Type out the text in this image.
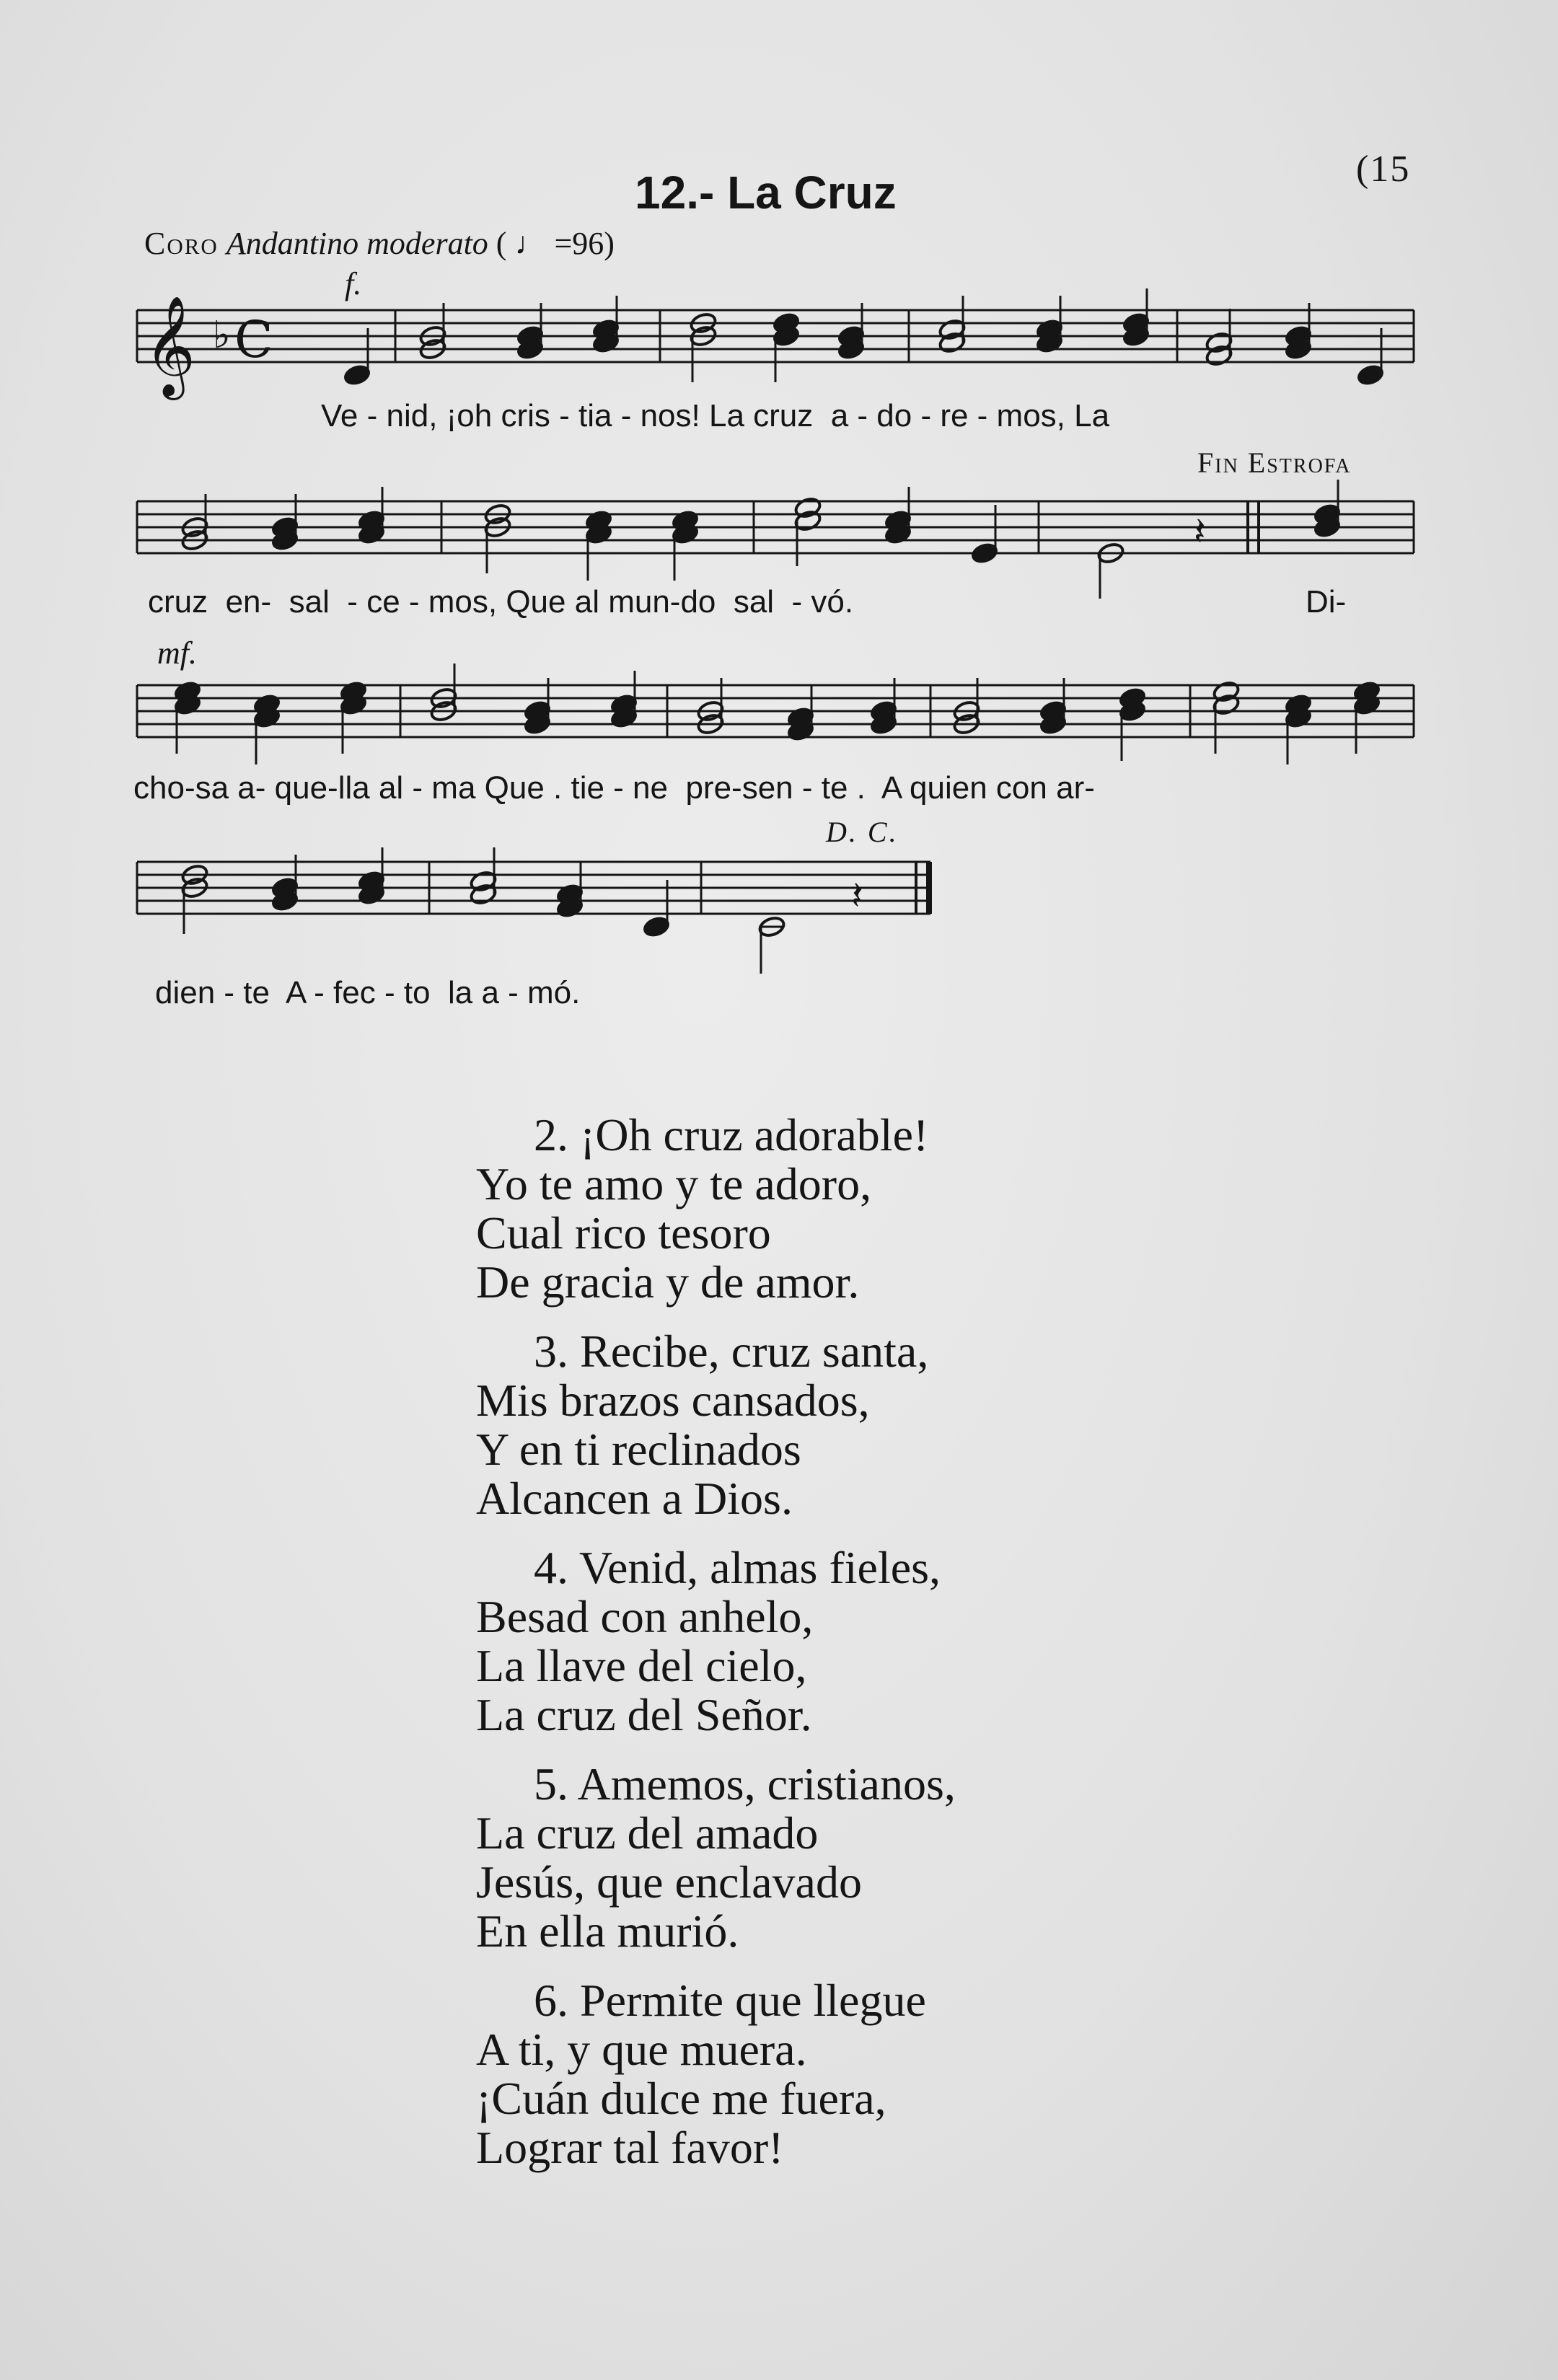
(15
12.- La Cruz
Coro Andantino moderato ( ♩ =96)
f.
mf.
Fin Estrofa
D. C.
𝄞 ♭ C
𝄽
𝄽
Ve - nid, ¡oh cris - tia - nos! La cruz  a - do - re - mos, La
cruz  en-  sal  - ce - mos, Que al mun-do  sal  - vó.	Di-
cho-sa a- que-lla al - ma Que . tie - ne  pre-sen - te .  A quien con ar-
dien - te  A - fec - to  la a - mó.
2. ¡Oh cruz adorable!
Yo te amo y te adoro,
Cual rico tesoro
De gracia y de amor.
3. Recibe, cruz santa,
Mis brazos cansados,
Y en ti reclinados
Alcancen a Dios.
4. Venid, almas fieles,
Besad con anhelo,
La llave del cielo,
La cruz del Señor.
5. Amemos, cristianos,
La cruz del amado
Jesús, que enclavado
En ella murió.
6. Permite que llegue
A ti, y que muera.
¡Cuán dulce me fuera,
Lograr tal favor!
